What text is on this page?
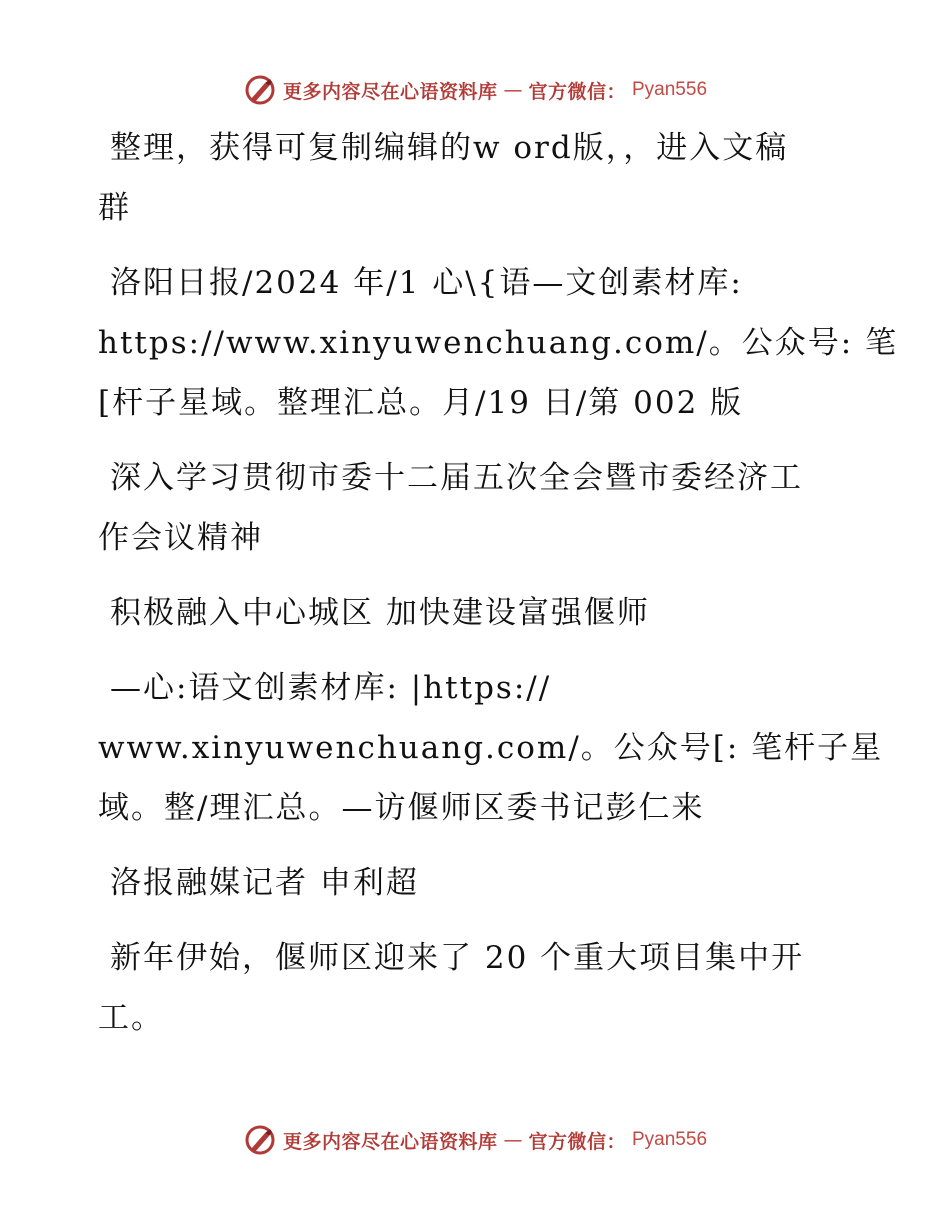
更多内容尽在心语资料库 — 官方微信： Pyan556
整理，获得可复制编辑的w ord版，，进入文稿
群
洛阳日报/2024 年/1 心\{语—文创素材库:
https://www.xinyuwenchuang.com/。公众号: 笔
[杆子星域。整理汇总。月/19 日/第 002 版
深入学习贯彻市委十二届五次全会暨市委经济工
作会议精神
积极融入中心城区 加快建设富强偃师
—心:语文创素材库: |https://
www.xinyuwenchuang.com/。公众号[: 笔杆子星
域。整/理汇总。—访偃师区委书记彭仁来
洛报融媒记者 申利超
新年伊始，偃师区迎来了 20 个重大项目集中开
工。
更多内容尽在心语资料库 — 官方微信： Pyan556
